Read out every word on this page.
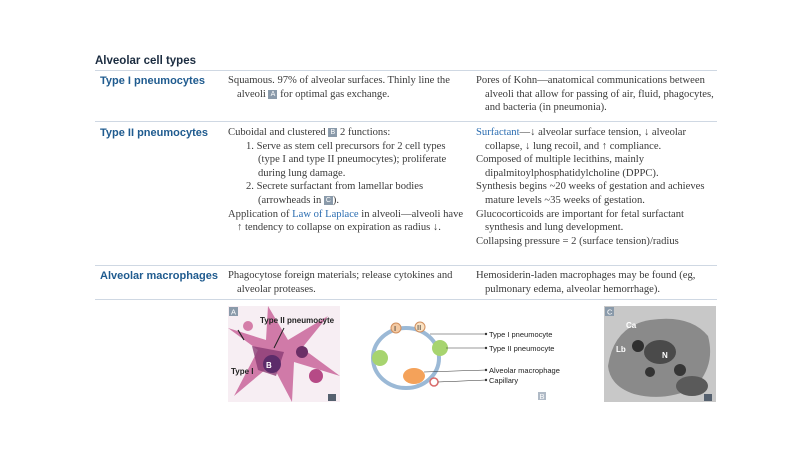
Alveolar cell types
Type I pneumocytes Squamous. 97% of alveolar surfaces. Thinly line the alveoli A for optimal gas exchange.

Pores of Kohn—anatomical communications between alveoli that allow for passing of air, fluid, phagocytes, and bacteria (in pneumonia).

Type II pneumocytes Cuboidal and clustered B 2 functions:

1. Serve as stem cell precursors for 2 cell types (type I and type II pneumocytes); proliferate during lung damage.
2. Secrete surfactant from lamellar bodies (arrowheads in C ).

Application of Law of Laplace in alveoli—alveoli have ↑ tendency to collapse on expiration as radius ↓.

Surfactant—↓ alveolar surface tension, ↓ alveolar collapse, ↓ lung recoil, and ↑ compliance.

Composed of multiple lecithins, mainly dipalmitoylphosphatidylcholine (DPPC).

Synthesis begins ~20 weeks of gestation and achieves mature levels ~35 weeks of gestation.

Glucocorticoids are important for fetal surfactant synthesis and lung development.

Collapsing pressure = 2 (surface tension)/radius

Alveolar macrophages Phagocytose foreign materials; release cytokines and alveolar proteases.

Hemosiderin-laden macrophages may be found (eg, pulmonary edema, alveolar hemorrhage).

A
Type II pneumocyte
Type I
B
I	II
Type I pneumocyte
Type II pneumocyte
Alveolar macrophage
Capillary
B
Ca
Lb
N
C
